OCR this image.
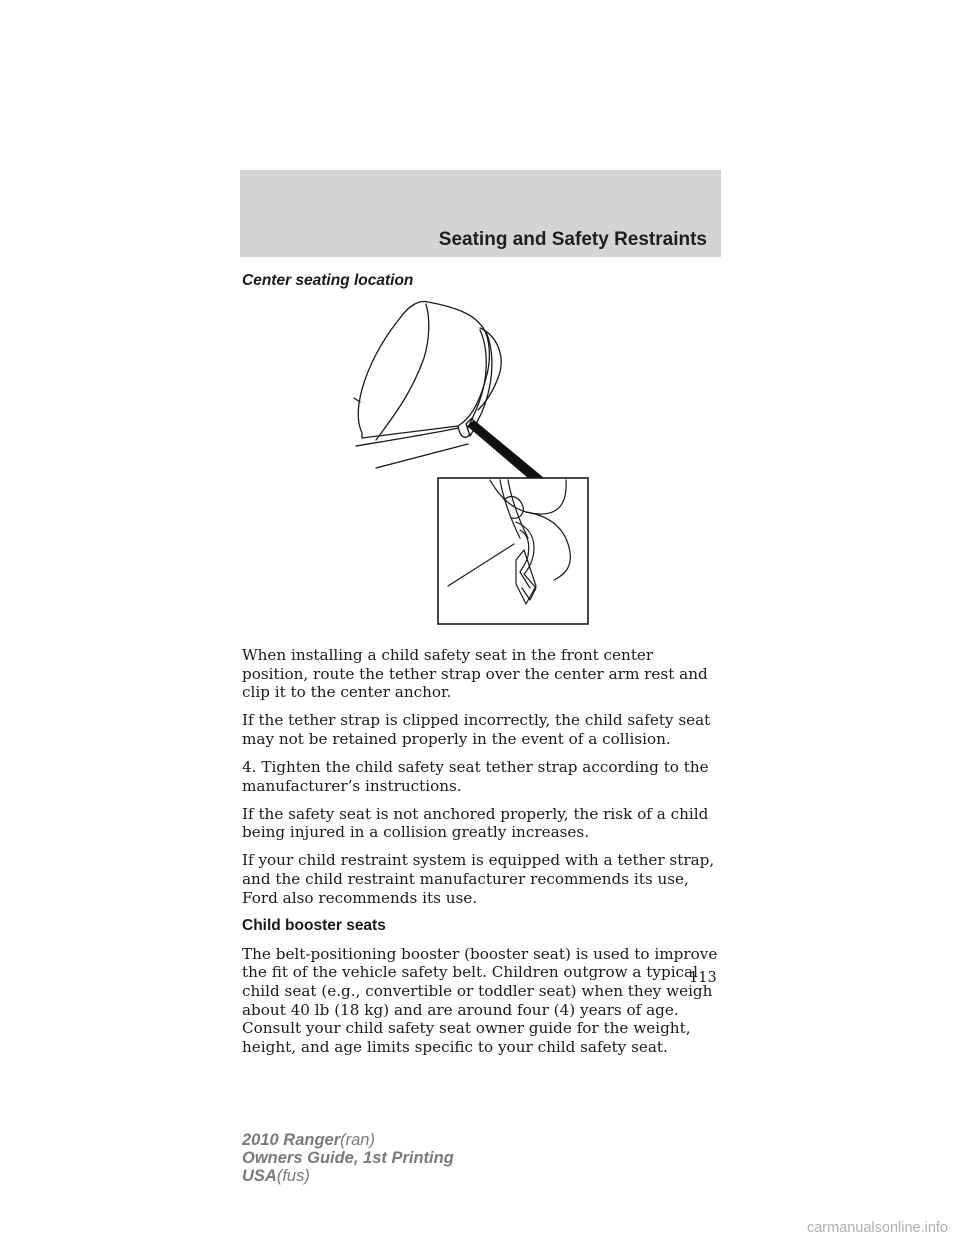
Seating and Safety Restraints
Center seating location

When installing a child safety seat in the front center position, route the tether strap over the center arm rest and clip it to the center anchor.

If the tether strap is clipped incorrectly, the child safety seat may not be retained properly in the event of a collision.

4. Tighten the child safety seat tether strap according to the manufacturer’s instructions.

If the safety seat is not anchored properly, the risk of a child being injured in a collision greatly increases.

If your child restraint system is equipped with a tether strap, and the child restraint manufacturer recommends its use, Ford also recommends its use.

Child booster seats

The belt-positioning booster (booster seat) is used to improve the fit of the vehicle safety belt. Children outgrow a typical child seat (e.g., convertible or toddler seat) when they weigh about 40 lb (18 kg) and are around four (4) years of age. Consult your child safety seat owner guide for the weight, height, and age limits specific to your child safety seat.

113
2010 Ranger(ran)
Owners Guide, 1st Printing
USA(fus)
carmanualsonline.info
